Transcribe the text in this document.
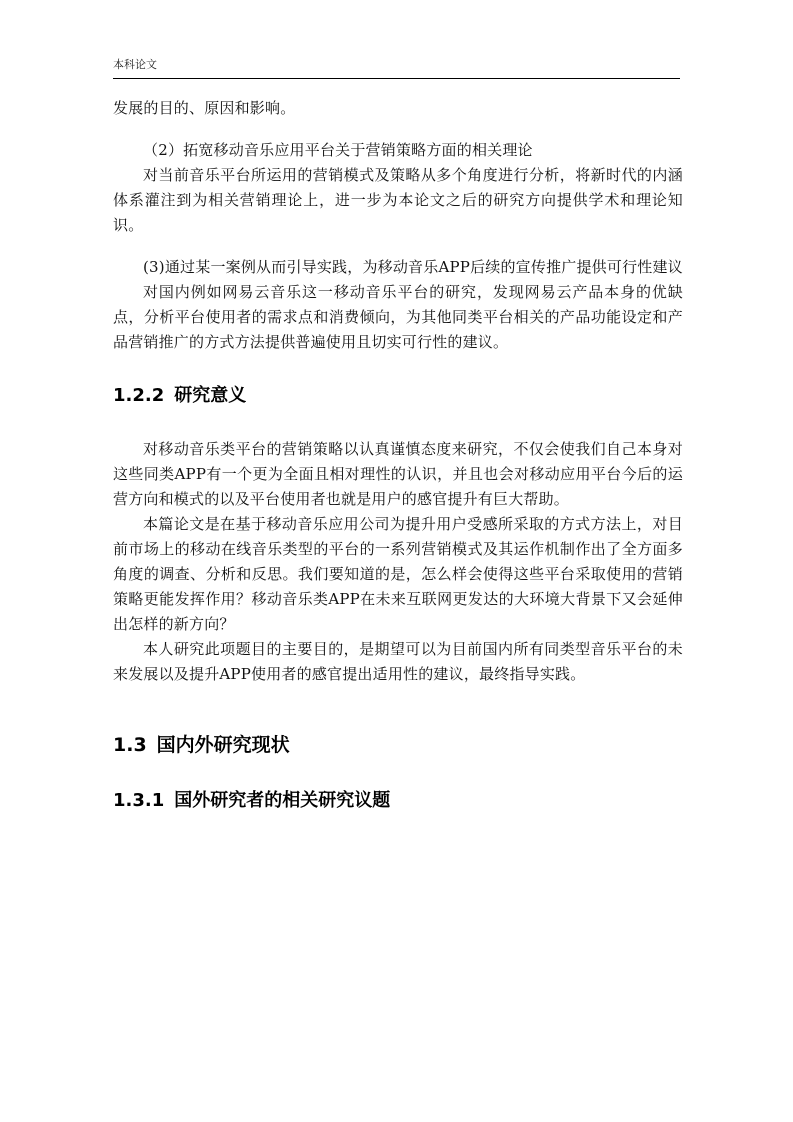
本科论文

发展的目的、原因和影响。

（2）拓宽移动音乐应用平台关于营销策略方面的相关理论

对当前音乐平台所运用的营销模式及策略从多个角度进行分析，将新时代的内涵体系灌注到为相关营销理论上，进一步为本论文之后的研究方向提供学术和理论知识。

(3)通过某一案例从而引导实践，为移动音乐APP后续的宣传推广提供可行性建议

对国内例如网易云音乐这一移动音乐平台的研究，发现网易云产品本身的优缺点，分析平台使用者的需求点和消费倾向，为其他同类平台相关的产品功能设定和产品营销推广的方式方法提供普遍使用且切实可行性的建议。

1.2.2 研究意义

对移动音乐类平台的营销策略以认真谨慎态度来研究，不仅会使我们自己本身对这些同类APP有一个更为全面且相对理性的认识，并且也会对移动应用平台今后的运营方向和模式的以及平台使用者也就是用户的感官提升有巨大帮助。

本篇论文是在基于移动音乐应用公司为提升用户受感所采取的方式方法上，对目前市场上的移动在线音乐类型的平台的一系列营销模式及其运作机制作出了全方面多角度的调查、分析和反思。我们要知道的是，怎么样会使得这些平台采取使用的营销策略更能发挥作用？移动音乐类APP在未来互联网更发达的大环境大背景下又会延伸出怎样的新方向？

本人研究此项题目的主要目的，是期望可以为目前国内所有同类型音乐平台的未来发展以及提升APP使用者的感官提出适用性的建议，最终指导实践。

1.3 国内外研究现状
1.3.1 国外研究者的相关研究议题
